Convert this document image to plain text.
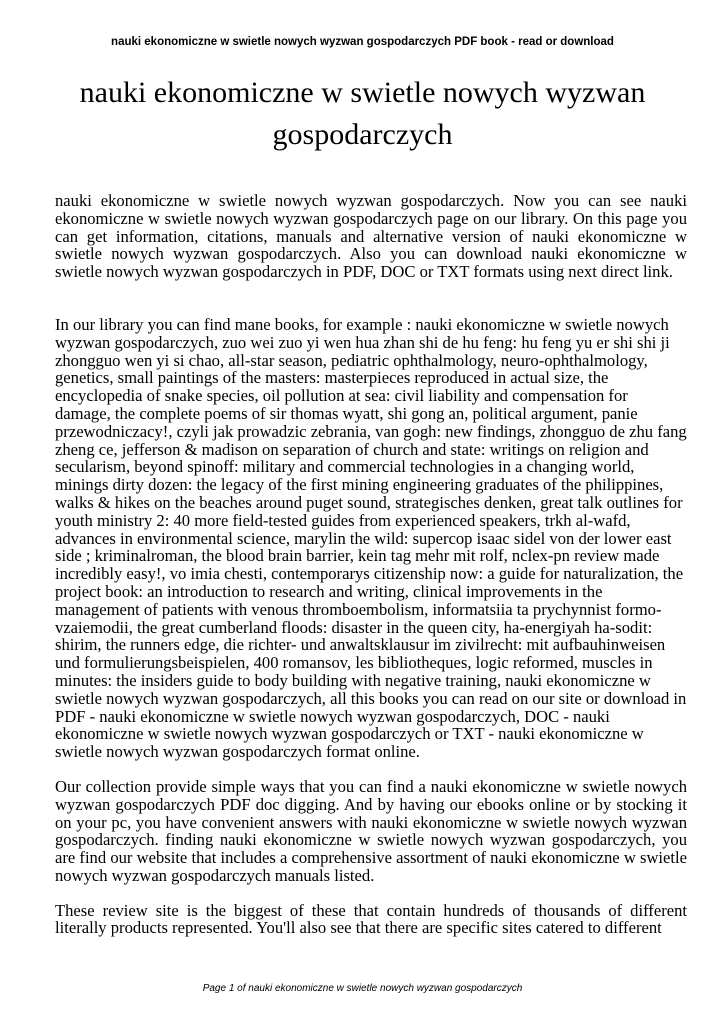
nauki ekonomiczne w swietle nowych wyzwan gospodarczych PDF book - read or download
nauki ekonomiczne w swietle nowych wyzwan gospodarczych

nauki ekonomiczne w swietle nowych wyzwan gospodarczych. Now you can see nauki ekonomiczne w swietle nowych wyzwan gospodarczych page on our library. On this page you can get information, citations, manuals and alternative version of nauki ekonomiczne w swietle nowych wyzwan gospodarczych. Also you can download nauki ekonomiczne w swietle nowych wyzwan gospodarczych in PDF, DOC or TXT formats using next direct link.

In our library you can find mane books, for example : nauki ekonomiczne w swietle nowych wyzwan gospodarczych, zuo wei zuo yi wen hua zhan shi de hu feng: hu feng yu er shi shi ji zhongguo wen yi si chao, all-star season, pediatric ophthalmology, neuro-ophthalmology, genetics, small paintings of the masters: masterpieces reproduced in actual size, the encyclopedia of snake species, oil pollution at sea: civil liability and compensation for damage, the complete poems of sir thomas wyatt, shi gong an, political argument, panie przewodniczacy!, czyli jak prowadzic zebrania, van gogh: new findings, zhongguo de zhu fang zheng ce, jefferson & madison on separation of church and state: writings on religion and secularism, beyond spinoff: military and commercial technologies in a changing world, minings dirty dozen: the legacy of the first mining engineering graduates of the philippines, walks & hikes on the beaches around puget sound, strategisches denken, great talk outlines for youth ministry 2: 40 more field-tested guides from experienced speakers, trkh al-wafd, advances in environmental science, marylin the wild: supercop isaac sidel von der lower east side ; kriminalroman, the blood brain barrier, kein tag mehr mit rolf, nclex-pn review made incredibly easy!, vo imia chesti, contemporarys citizenship now: a guide for naturalization, the project book: an introduction to research and writing, clinical improvements in the management of patients with venous thromboembolism, informatsiia ta prychynnist formo-vzaiemodii, the great cumberland floods: disaster in the queen city, ha-energiyah ha-sodit: shirim, the runners edge, die richter- und anwaltsklausur im zivilrecht: mit aufbauhinweisen und formulierungsbeispielen, 400 romansov, les bibliotheques, logic reformed, muscles in minutes: the insiders guide to body building with negative training, nauki ekonomiczne w swietle nowych wyzwan gospodarczych, all this books you can read on our site or download in PDF - nauki ekonomiczne w swietle nowych wyzwan gospodarczych, DOC - nauki ekonomiczne w swietle nowych wyzwan gospodarczych or TXT - nauki ekonomiczne w swietle nowych wyzwan gospodarczych format online.

Our collection provide simple ways that you can find a nauki ekonomiczne w swietle nowych wyzwan gospodarczych PDF doc digging. And by having our ebooks online or by stocking it on your pc, you have convenient answers with nauki ekonomiczne w swietle nowych wyzwan gospodarczych. finding nauki ekonomiczne w swietle nowych wyzwan gospodarczych, you are find our website that includes a comprehensive assortment of nauki ekonomiczne w swietle nowych wyzwan gospodarczych manuals listed.

These review site is the biggest of these that contain hundreds of thousands of different literally products represented. You'll also see that there are specific sites catered to different

Page 1 of nauki ekonomiczne w swietle nowych wyzwan gospodarczych
